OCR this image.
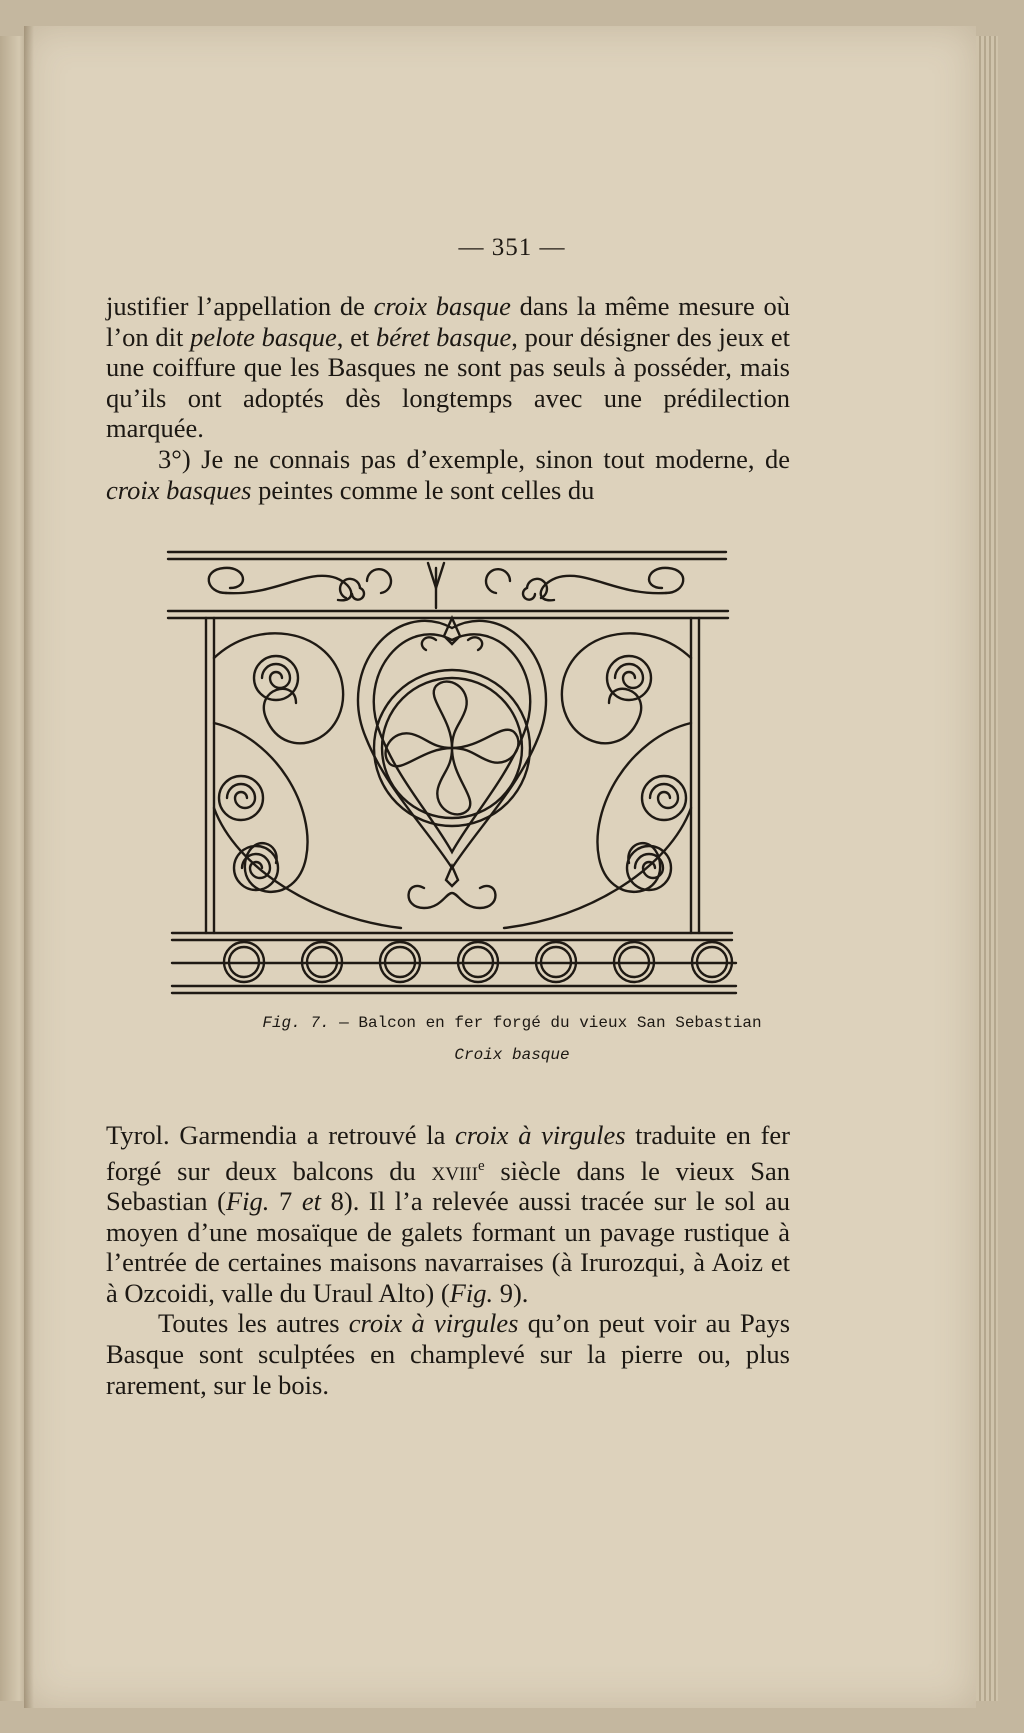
— 351 —

justifier l’appellation de croix basque dans la même mesure où l’on dit pelote basque, et béret basque, pour désigner des jeux et une coiffure que les Basques ne sont pas seuls à posséder, mais qu’ils ont adoptés dès longtemps avec une prédilection marquée.

3°) Je ne connais pas d’exemple, sinon tout moderne, de croix basques peintes comme le sont celles du

Fig. 7. — Balcon en fer forgé du vieux San Sebastian
Croix basque

Tyrol. Garmendia a retrouvé la croix à virgules traduite en fer forgé sur deux balcons du xviii$^e$ siècle dans le vieux San Sebastian (Fig. 7 et 8). Il l’a relevée aussi tracée sur le sol au moyen d’une mosaïque de galets formant un pavage rustique à l’entrée de certaines maisons navarraises (à Irurozqui, à Aoiz et à Ozcoidi, valle du Uraul Alto) (Fig. 9).

Toutes les autres croix à virgules qu’on peut voir au Pays Basque sont sculptées en champlevé sur la pierre ou, plus rarement, sur le bois.
